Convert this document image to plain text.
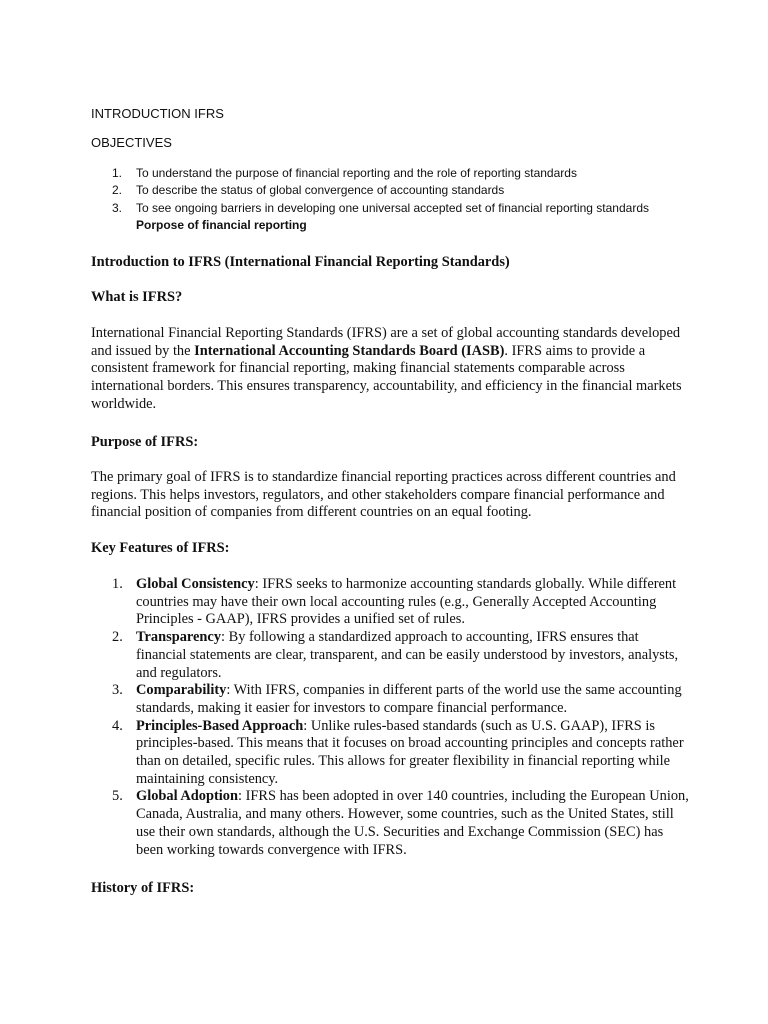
INTRODUCTION IFRS
OBJECTIVES
1. To understand the purpose of financial reporting and the role of reporting standards
2. To describe the status of global convergence of accounting standards
3. To see ongoing barriers in developing one universal accepted set of financial reporting standards
Porpose of financial reporting
Introduction to IFRS (International Financial Reporting Standards)
What is IFRS?
International Financial Reporting Standards (IFRS) are a set of global accounting standards developed and issued by the International Accounting Standards Board (IASB). IFRS aims to provide a consistent framework for financial reporting, making financial statements comparable across international borders. This ensures transparency, accountability, and efficiency in the financial markets worldwide.
Purpose of IFRS:
The primary goal of IFRS is to standardize financial reporting practices across different countries and regions. This helps investors, regulators, and other stakeholders compare financial performance and financial position of companies from different countries on an equal footing.
Key Features of IFRS:
1. Global Consistency: IFRS seeks to harmonize accounting standards globally. While different countries may have their own local accounting rules (e.g., Generally Accepted Accounting Principles - GAAP), IFRS provides a unified set of rules.
2. Transparency: By following a standardized approach to accounting, IFRS ensures that financial statements are clear, transparent, and can be easily understood by investors, analysts, and regulators.
3. Comparability: With IFRS, companies in different parts of the world use the same accounting standards, making it easier for investors to compare financial performance.
4. Principles-Based Approach: Unlike rules-based standards (such as U.S. GAAP), IFRS is principles-based. This means that it focuses on broad accounting principles and concepts rather than on detailed, specific rules. This allows for greater flexibility in financial reporting while maintaining consistency.
5. Global Adoption: IFRS has been adopted in over 140 countries, including the European Union, Canada, Australia, and many others. However, some countries, such as the United States, still use their own standards, although the U.S. Securities and Exchange Commission (SEC) has been working towards convergence with IFRS.
History of IFRS:
